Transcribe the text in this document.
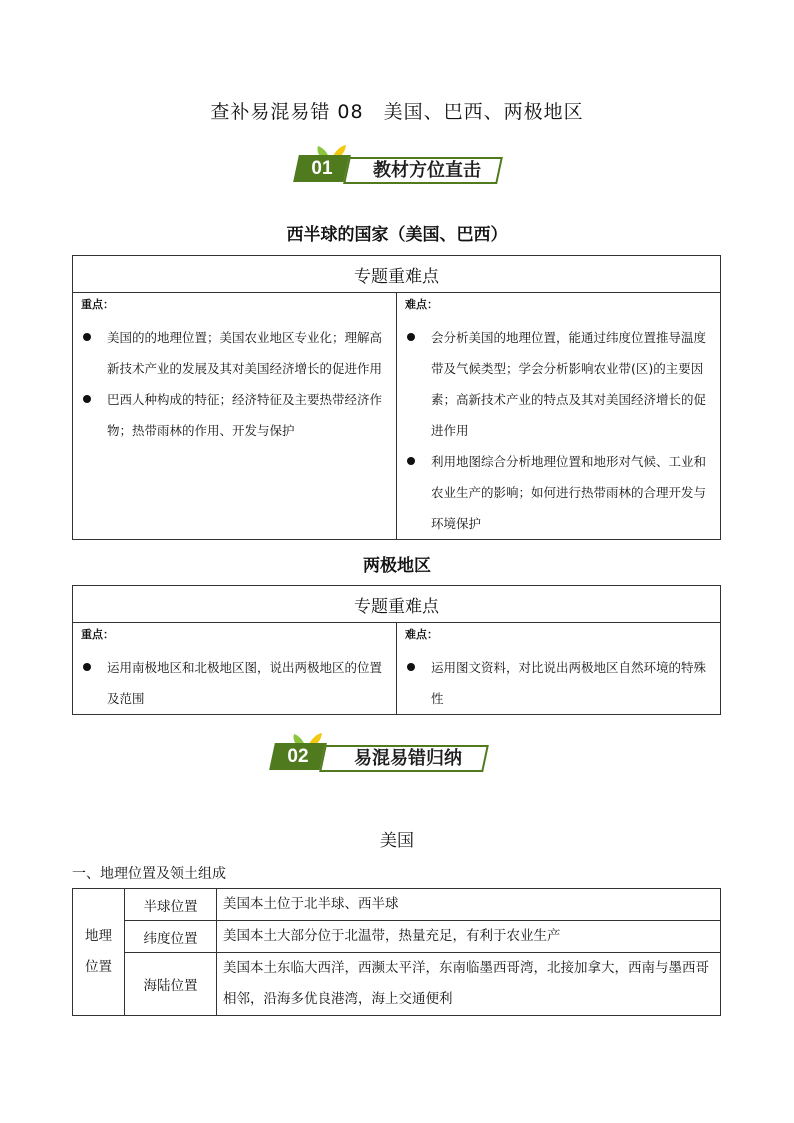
查补易混易错 08　美国、巴西、两极地区
01	教材方位直击
西半球的国家（美国、巴西）
专题重难点

重点：
美国的的地理位置；美国农业地区专业化；理解高新技术产业的发展及其对美国经济增长的促进作用
巴西人种构成的特征；经济特征及主要热带经济作物；热带雨林的作用、开发与保护

难点：
会分析美国的地理位置，能通过纬度位置推导温度带及气候类型；学会分析影响农业带(区)的主要因素；高新技术产业的特点及其对美国经济增长的促进作用
利用地图综合分析地理位置和地形对气候、工业和农业生产的影响；如何进行热带雨林的合理开发与环境保护
两极地区
专题重难点

重点：
运用南极地区和北极地区图，说出两极地区的位置及范围

难点：
运用图文资料，对比说出两极地区自然环境的特殊性
02	易混易错归纳
美国
一、地理位置及领土组成
地理位置	半球位置	美国本土位于北半球、西半球
	纬度位置	美国本土大部分位于北温带，热量充足，有利于农业生产
	海陆位置	美国本土东临大西洋，西濒太平洋，东南临墨西哥湾，北接加拿大，西南与墨西哥相邻，沿海多优良港湾，海上交通便利
